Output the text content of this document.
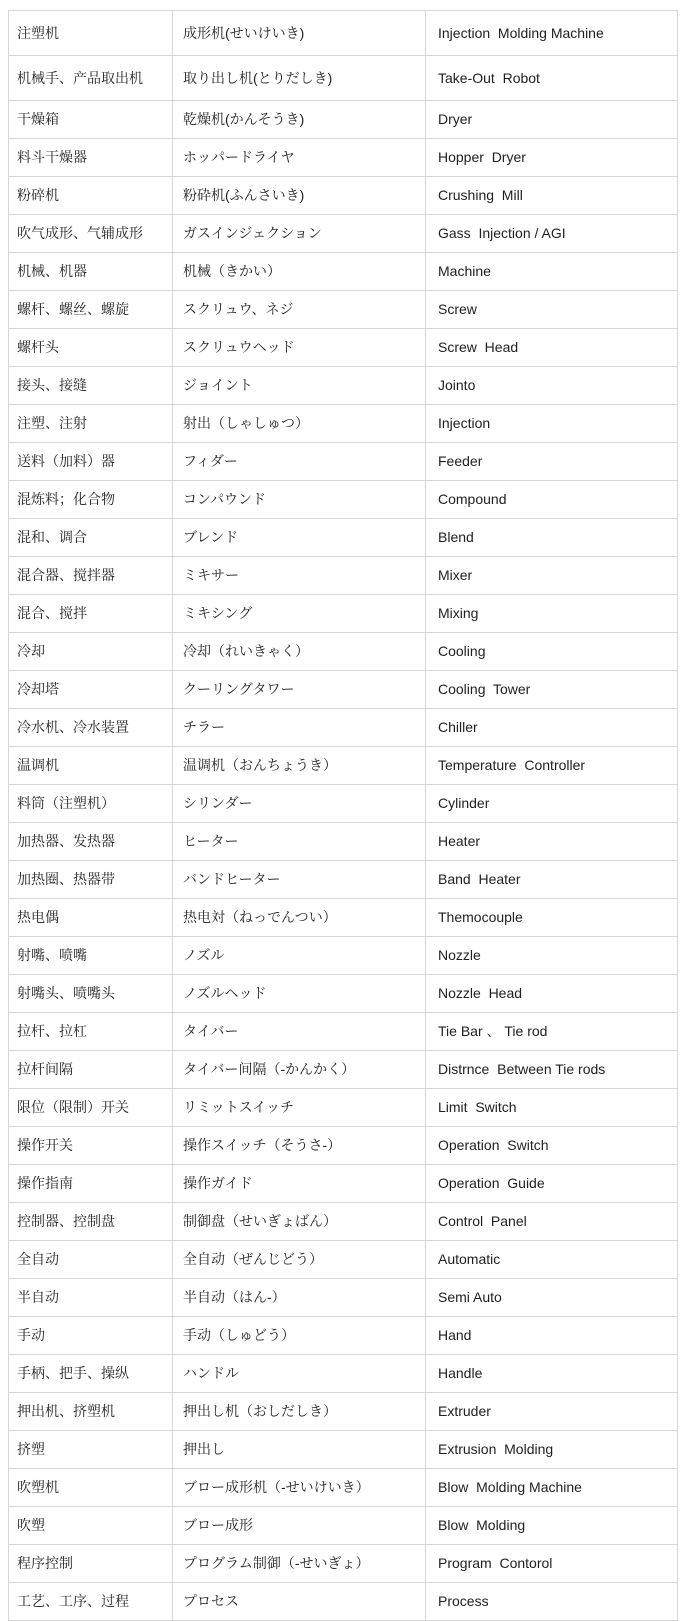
注塑机	成形机(せいけいき)	Injection  Molding Machine
机械手、产品取出机	取り出し机(とりだしき)	Take-Out  Robot
干燥箱	乾燥机(かんそうき)	Dryer
料斗干燥器	ホッパードライヤ	Hopper  Dryer
粉碎机	粉砕机(ふんさいき)	Crushing  Mill
吹气成形、气辅成形	ガスインジェクション	Gass  Injection / AGI
机械、机器	机械（きかい）	Machine
螺杆、螺丝、螺旋	スクリュウ、ネジ	Screw
螺杆头	スクリュウヘッド	Screw  Head
接头、接缝	ジョイント	Jointo
注塑、注射	射出（しゃしゅつ）	Injection
送料（加料）器	フィダー	Feeder
混炼料；化合物	コンパウンド	Compound
混和、调合	ブレンド	Blend
混合器、搅拌器	ミキサー	Mixer
混合、搅拌	ミキシング	Mixing
冷却	冷却（れいきゃく）	Cooling
冷却塔	クーリングタワー	Cooling  Tower
冷水机、冷水装置	チラー	Chiller
温调机	温调机（おんちょうき）	Temperature  Controller
料筒（注塑机）	シリンダー	Cylinder
加热器、发热器	ヒーター	Heater
加热圈、热器带	バンドヒーター	Band  Heater
热电偶	热电対（ねっでんつい）	Themocouple
射嘴、喷嘴	ノズル	Nozzle
射嘴头、喷嘴头	ノズルヘッド	Nozzle  Head
拉杆、拉杠	タイバー	Tie Bar 、 Tie rod
拉杆间隔	タイバー间隔（-かんかく）	Distrnce  Between Tie rods
限位（限制）开关	リミットスイッチ	Limit  Switch
操作开关	操作スイッチ（そうさ-）	Operation  Switch
操作指南	操作ガイド	Operation  Guide
控制器、控制盘	制御盘（せいぎょばん）	Control  Panel
全自动	全自动（ぜんじどう）	Automatic
半自动	半自动（はん-）	Semi Auto
手动	手动（しゅどう）	Hand
手柄、把手、操纵	ハンドル	Handle
押出机、挤塑机	押出し机（おしだしき）	Extruder
挤塑	押出し	Extrusion  Molding
吹塑机	ブロー成形机（-せいけいき）	Blow  Molding Machine
吹塑	ブロー成形	Blow  Molding
程序控制	プログラム制御（-せいぎょ）	Program  Contorol
工艺、工序、过程	プロセス	Process
